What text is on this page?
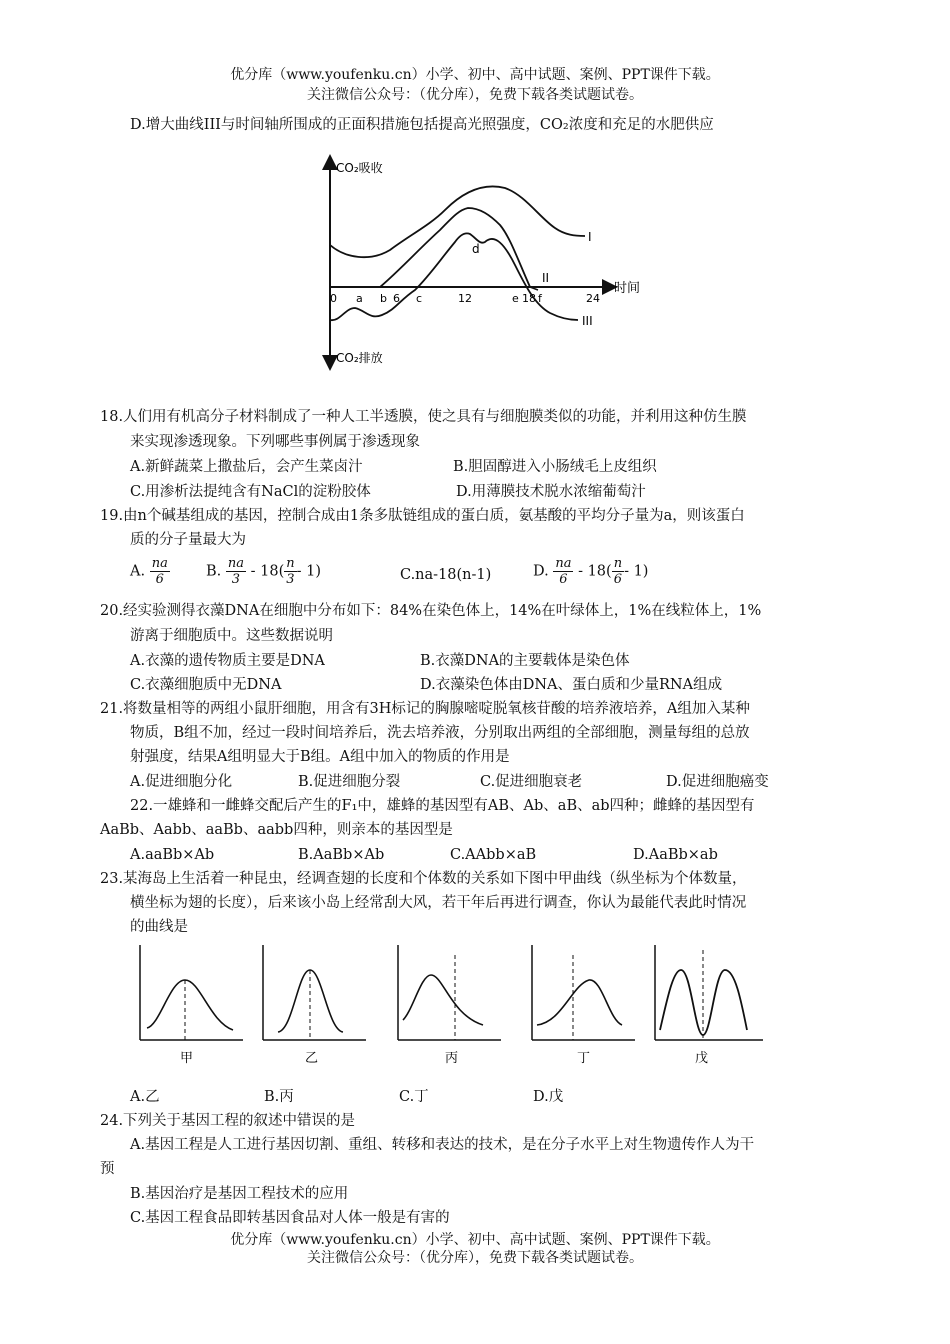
优分库（www.youfenku.cn）小学、初中、高中试题、案例、PPT课件下载。
关注微信公众号：（优分库），免费下载各类试题试卷。
D.增大曲线III与时间轴所围成的正面积措施包括提高光照强度，CO₂浓度和充足的水肥供应
CO₂吸收
CO₂排放
时间
0 a b 6 c	12	e 18 f	24
I
II
III
d
18.人们用有机高分子材料制成了一种人工半透膜，使之具有与细胞膜类似的功能，并利用这种仿生膜
来实现渗透现象。下列哪些事例属于渗透现象
A.新鲜蔬菜上撒盐后，会产生菜卤汁	B.胆固醇进入小肠绒毛上皮组织
C.用渗析法提纯含有NaCl的淀粉胶体	D.用薄膜技术脱水浓缩葡萄汁
19.由n个碱基组成的基因，控制合成由1条多肽链组成的蛋白质，氨基酸的平均分子量为a，则该蛋白
质的分子量最大为
A. $\frac{na}{6} B$. $\frac{na}{3} - 18( \frac{n}{3} - 1)$	C.na-18(n-1)	D. $\frac{na}{6} - 18( \frac{n}{6} - 1)$
20.经实验测得衣藻DNA在细胞中分布如下：84%在染色体上，14%在叶绿体上，1%在线粒体上，1%
游离于细胞质中。这些数据说明
A.衣藻的遗传物质主要是DNA	B.衣藻DNA的主要载体是染色体
C.衣藻细胞质中无DNA	D.衣藻染色体由DNA、蛋白质和少量RNA组成
21.将数量相等的两组小鼠肝细胞，用含有3H标记的胸腺嘧啶脱氧核苷酸的培养液培养，A组加入某种
物质，B组不加，经过一段时间培养后，洗去培养液，分别取出两组的全部细胞，测量每组的总放
射强度，结果A组明显大于B组。A组中加入的物质的作用是
A.促进细胞分化	B.促进细胞分裂	C.促进细胞衰老	D.促进细胞癌变
22.一雄蜂和一雌蜂交配后产生的F₁中，雄蜂的基因型有AB、Ab、aB、ab四种；雌蜂的基因型有
AaBb、Aabb、aaBb、aabb四种，则亲本的基因型是
A.aaBb×Ab	B.AaBb×Ab	C.AAbb×aB	D.AaBb×ab
23.某海岛上生活着一种昆虫，经调查翅的长度和个体数的关系如下图中甲曲线（纵坐标为个体数量，
横坐标为翅的长度），后来该小岛上经常刮大风，若干年后再进行调查，你认为最能代表此时情况
的曲线是
甲	乙	丙	丁	戊
A.乙	B.丙	C.丁	D.戊
24.下列关于基因工程的叙述中错误的是
A.基因工程是人工进行基因切割、重组、转移和表达的技术，是在分子水平上对生物遗传作人为干
预
B.基因治疗是基因工程技术的应用
C.基因工程食品即转基因食品对人体一般是有害的
优分库（www.youfenku.cn）小学、初中、高中试题、案例、PPT课件下载。
关注微信公众号：（优分库），免费下载各类试题试卷。
